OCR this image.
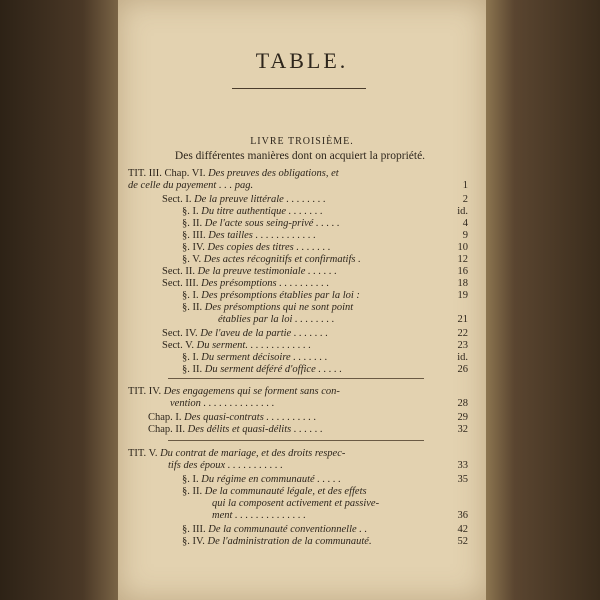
TABLE.
LIVRE TROISIÈME.
Des différentes manières dont on acquiert la propriété.
TIT. III. Chap. VI. Des preuves des obligations, et
de celle du payement . . . pag.	1
Sect. I. De la preuve littérale . . . . . . . .	2
§. I. Du titre authentique . . . . . . .	id.
§. II. De l'acte sous seing-privé . . . . .	4
§. III. Des tailles . . . . . . . . . . . .	9
§. IV. Des copies des titres . . . . . . .	10
§. V. Des actes récognitifs et confirmatifs .	12
Sect. II. De la preuve testimoniale . . . . . .	16
Sect. III. Des présomptions . . . . . . . . . .	18
§. I. Des présomptions établies par la loi :	19
§. II. Des présomptions qui ne sont point
établies par la loi . . . . . . . .	21
Sect. IV. De l'aveu de la partie . . . . . . .	22
Sect. V. Du serment. . . . . . . . . . . . .	23
§. I. Du serment décisoire . . . . . . .	id.
§. II. Du serment déféré d'office . . . . .	26
TIT. IV. Des engagemens qui se forment sans con-
vention . . . . . . . . . . . . . .	28
Chap. I. Des quasi-contrats . . . . . . . . . .	29
Chap. II. Des délits et quasi-délits . . . . . .	32
TIT. V. Du contrat de mariage, et des droits respec-
tifs des époux . . . . . . . . . . .	33
§. I. Du régime en communauté . . . . .	35
§. II. De la communauté légale, et des effets
qui la composent activement et passive-
ment . . . . . . . . . . . . . .	36
§. III. De la communauté conventionnelle . .	42
§. IV. De l'administration de la communauté.	52
